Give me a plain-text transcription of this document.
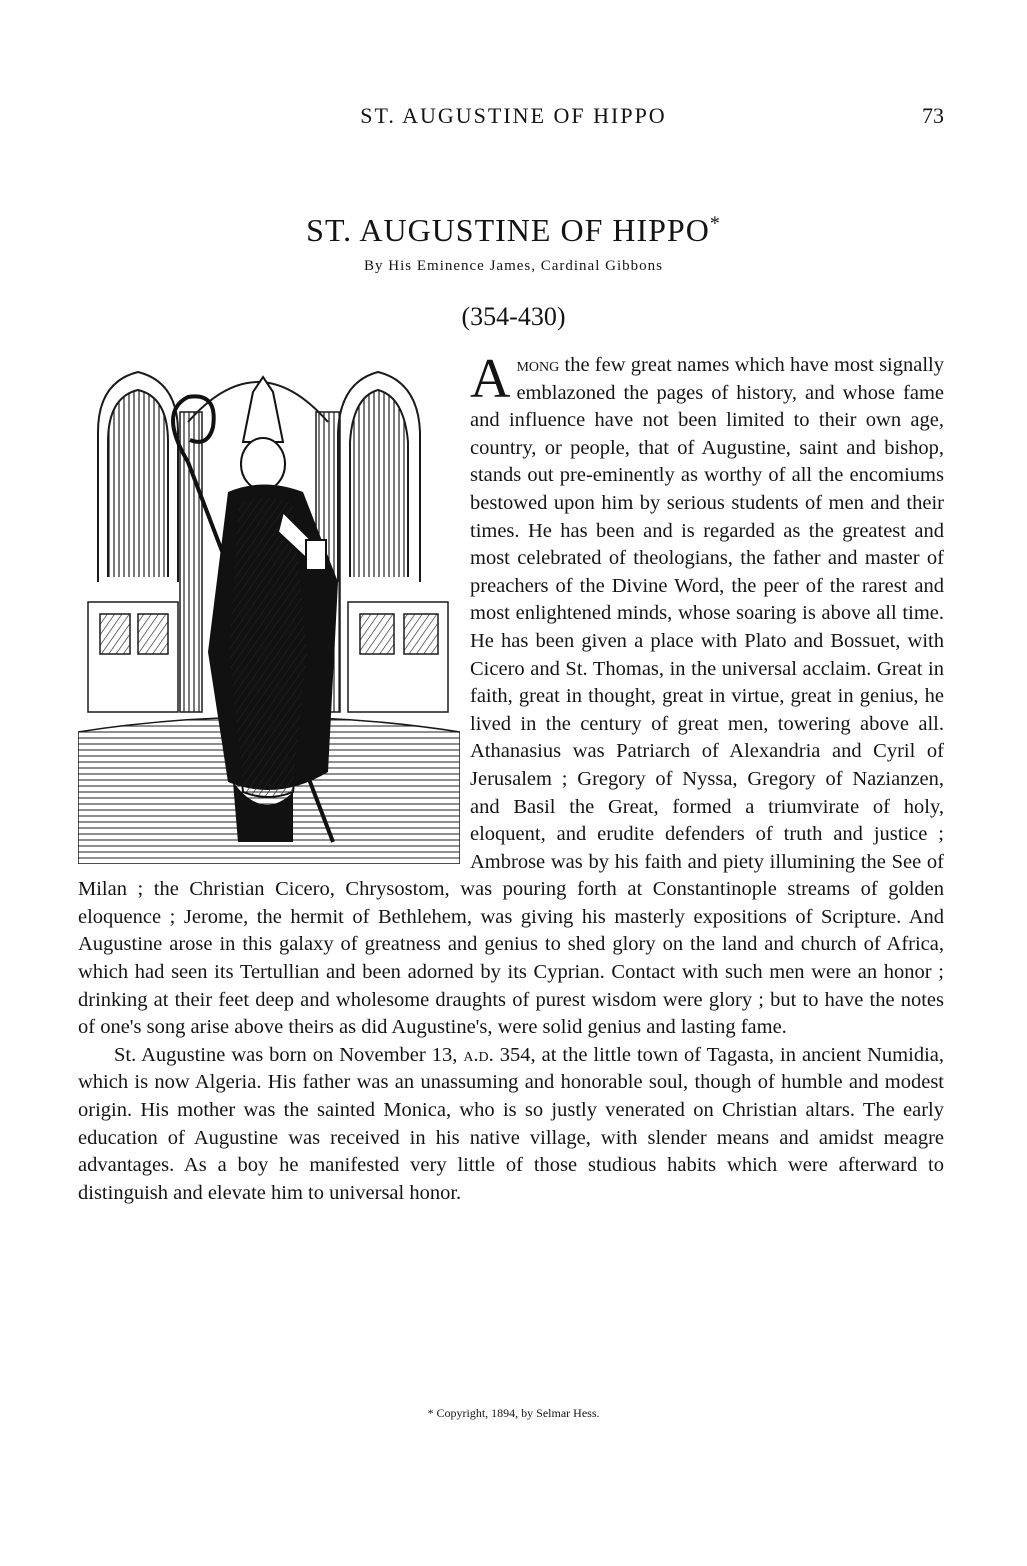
ST. AUGUSTINE OF HIPPO	73
ST. AUGUSTINE OF HIPPO*
By His Eminence James, Cardinal Gibbons
(354-430)

Among the few great names which have most signally emblazoned the pages of history, and whose fame and influence have not been limited to their own age, country, or people, that of Augustine, saint and bishop, stands out pre-eminently as worthy of all the encomiums bestowed upon him by serious students of men and their times. He has been and is regarded as the greatest and most celebrated of theologians, the father and master of preachers of the Divine Word, the peer of the rarest and most enlightened minds, whose soaring is above all time. He has been given a place with Plato and Bossuet, with Cicero and St. Thomas, in the universal acclaim. Great in faith, great in thought, great in virtue, great in genius, he lived in the century of great men, towering above all. Athanasius was Patriarch of Alexandria and Cyril of Jerusalem ; Gregory of Nyssa, Gregory of Nazianzen, and Basil the Great, formed a triumvirate of holy, eloquent, and erudite defenders of truth and justice ; Ambrose was by his faith and piety illumining the See of Milan ; the Christian Cicero, Chrysostom, was pouring forth at Constantinople streams of golden eloquence ; Jerome, the hermit of Bethlehem, was giving his masterly expositions of Scripture. And Augustine arose in this galaxy of greatness and genius to shed glory on the land and church of Africa, which had seen its Tertullian and been adorned by its Cyprian. Contact with such men were an honor ; drinking at their feet deep and wholesome draughts of purest wisdom were glory ; but to have the notes of one's song arise above theirs as did Augustine's, were solid genius and lasting fame.

St. Augustine was born on November 13, a.d. 354, at the little town of Tagasta, in ancient Numidia, which is now Algeria. His father was an unassuming and honorable soul, though of humble and modest origin. His mother was the sainted Monica, who is so justly venerated on Christian altars. The early education of Augustine was received in his native village, with slender means and amidst meagre advantages. As a boy he manifested very little of those studious habits which were afterward to distinguish and elevate him to universal honor.

* Copyright, 1894, by Selmar Hess.
